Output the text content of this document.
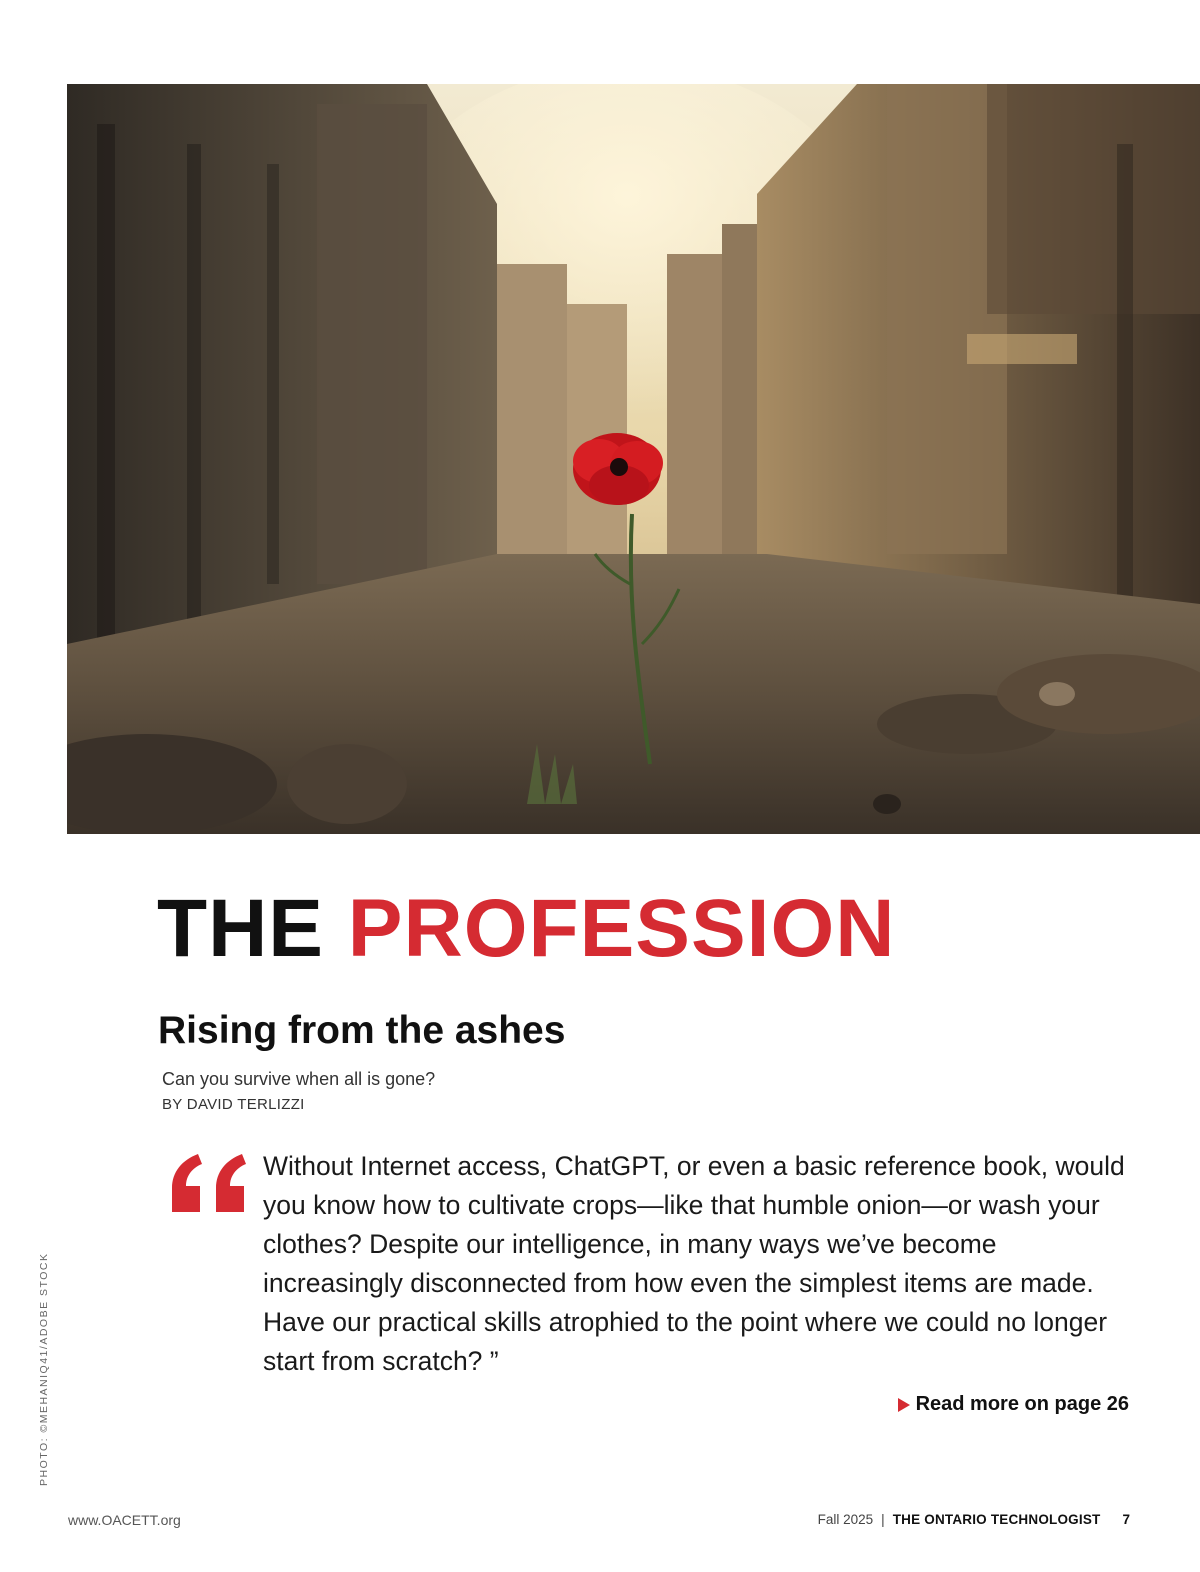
THE PROFESSION
Rising from the ashes
Can you survive when all is gone?
BY DAVID TERLIZZI

Without Internet access, ChatGPT, or even a basic reference book, would you know how to cultivate crops—like that humble onion—or wash your clothes? Despite our intelligence, in many ways we’ve become increasingly disconnected from how even the simplest items are made. Have our practical skills atrophied to the point where we could no longer start from scratch? ”

Read more on page 26
PHOTO: ©MEHANIQ41/ADOBE STOCK
www.OACETT.org	Fall 2025 | THE ONTARIO TECHNOLOGIST 7
